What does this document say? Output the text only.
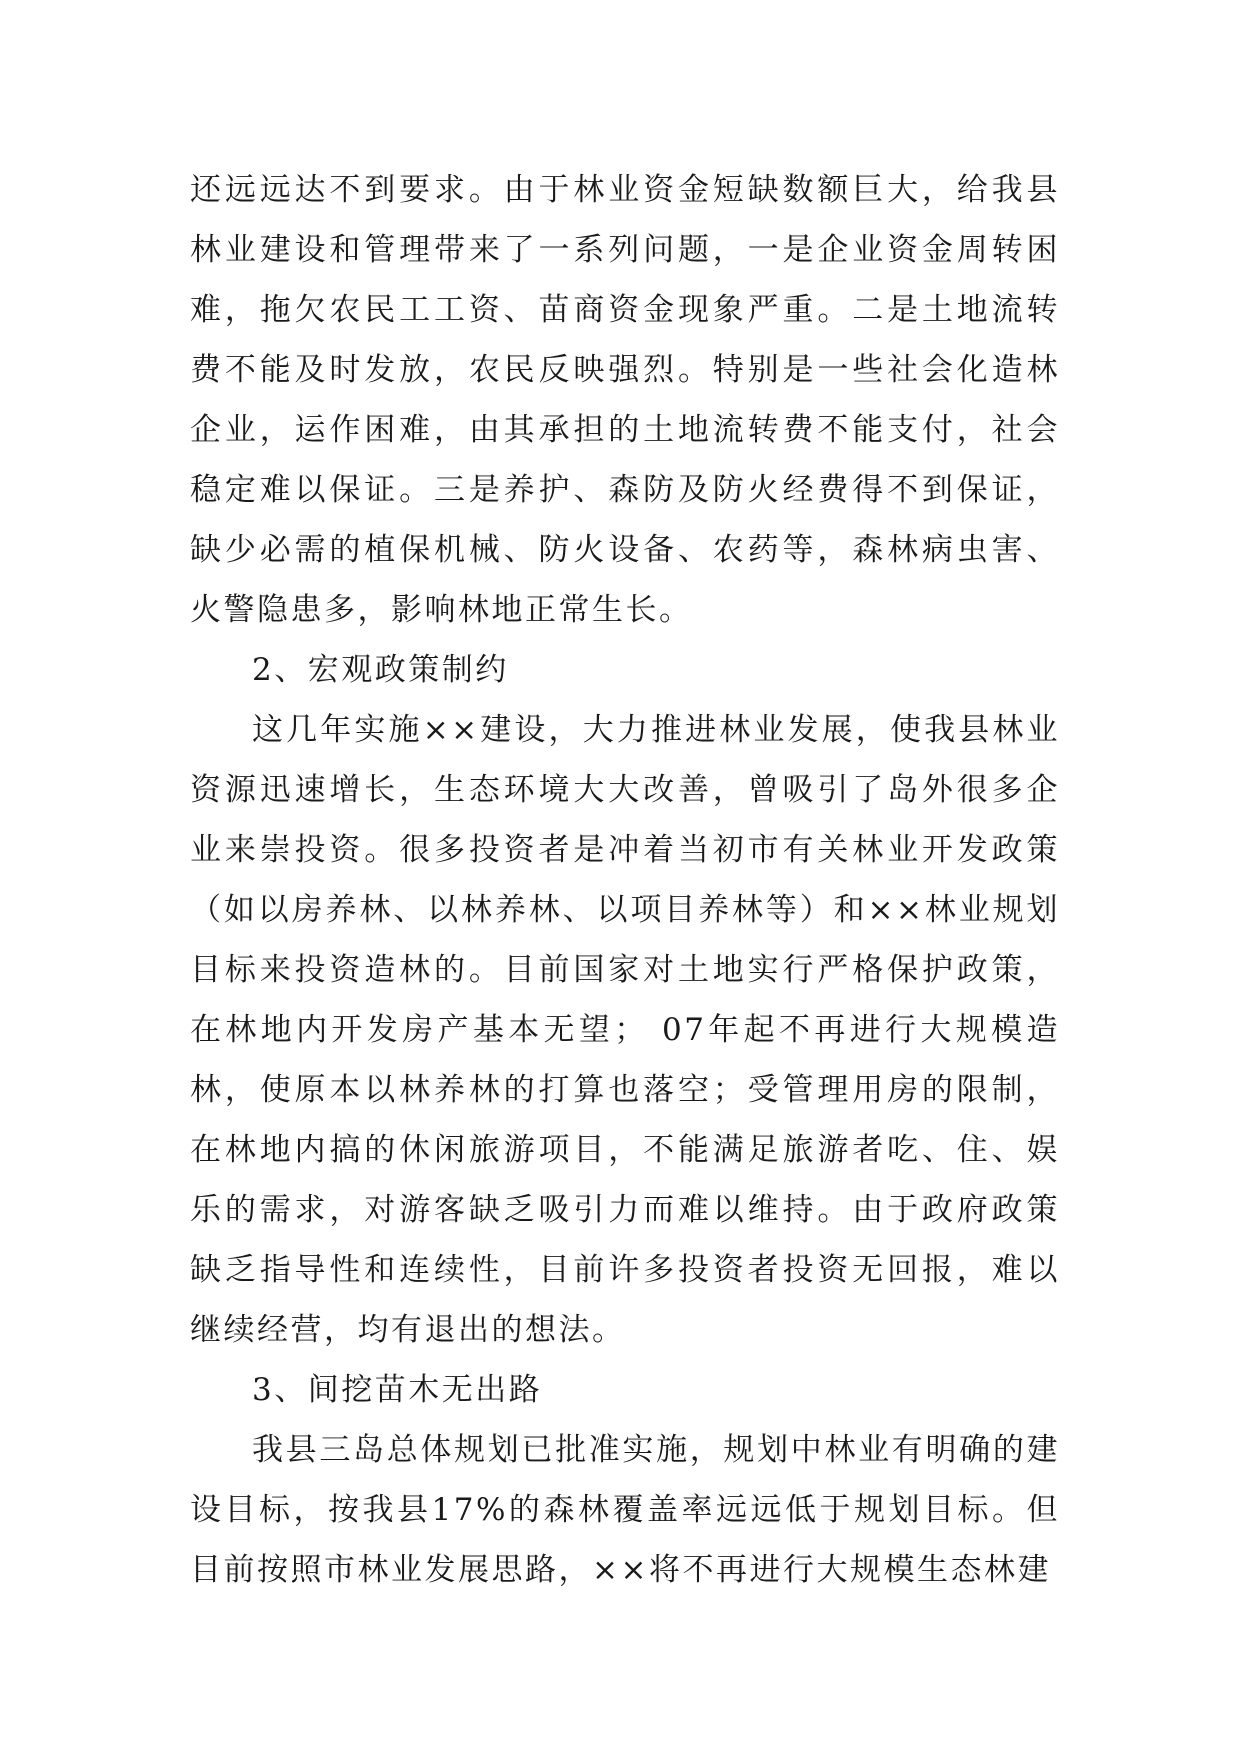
还远远达不到要求。由于林业资金短缺数额巨大，给我县林业建设和管理带来了一系列问题，一是企业资金周转困难，拖欠农民工工资、苗商资金现象严重。二是土地流转费不能及时发放，农民反映强烈。特别是一些社会化造林企业，运作困难，由其承担的土地流转费不能支付，社会稳定难以保证。三是养护、森防及防火经费得不到保证，缺少必需的植保机械、防火设备、农药等，森林病虫害、火警隐患多，影响林地正常生长。

2、宏观政策制约

这几年实施××建设，大力推进林业发展，使我县林业资源迅速增长，生态环境大大改善，曾吸引了岛外很多企业来崇投资。很多投资者是冲着当初市有关林业开发政策（如以房养林、以林养林、以项目养林等）和××林业规划目标来投资造林的。目前国家对土地实行严格保护政策，在林地内开发房产基本无望； 07年起不再进行大规模造林，使原本以林养林的打算也落空；受管理用房的限制，在林地内搞的休闲旅游项目，不能满足旅游者吃、住、娱乐的需求，对游客缺乏吸引力而难以维持。由于政府政策缺乏指导性和连续性，目前许多投资者投资无回报，难以继续经营，均有退出的想法。

3、间挖苗木无出路

我县三岛总体规划已批准实施，规划中林业有明确的建设目标，按我县17%的森林覆盖率远远低于规划目标。但目前按照市林业发展思路，××将不再进行大规模生态林建
